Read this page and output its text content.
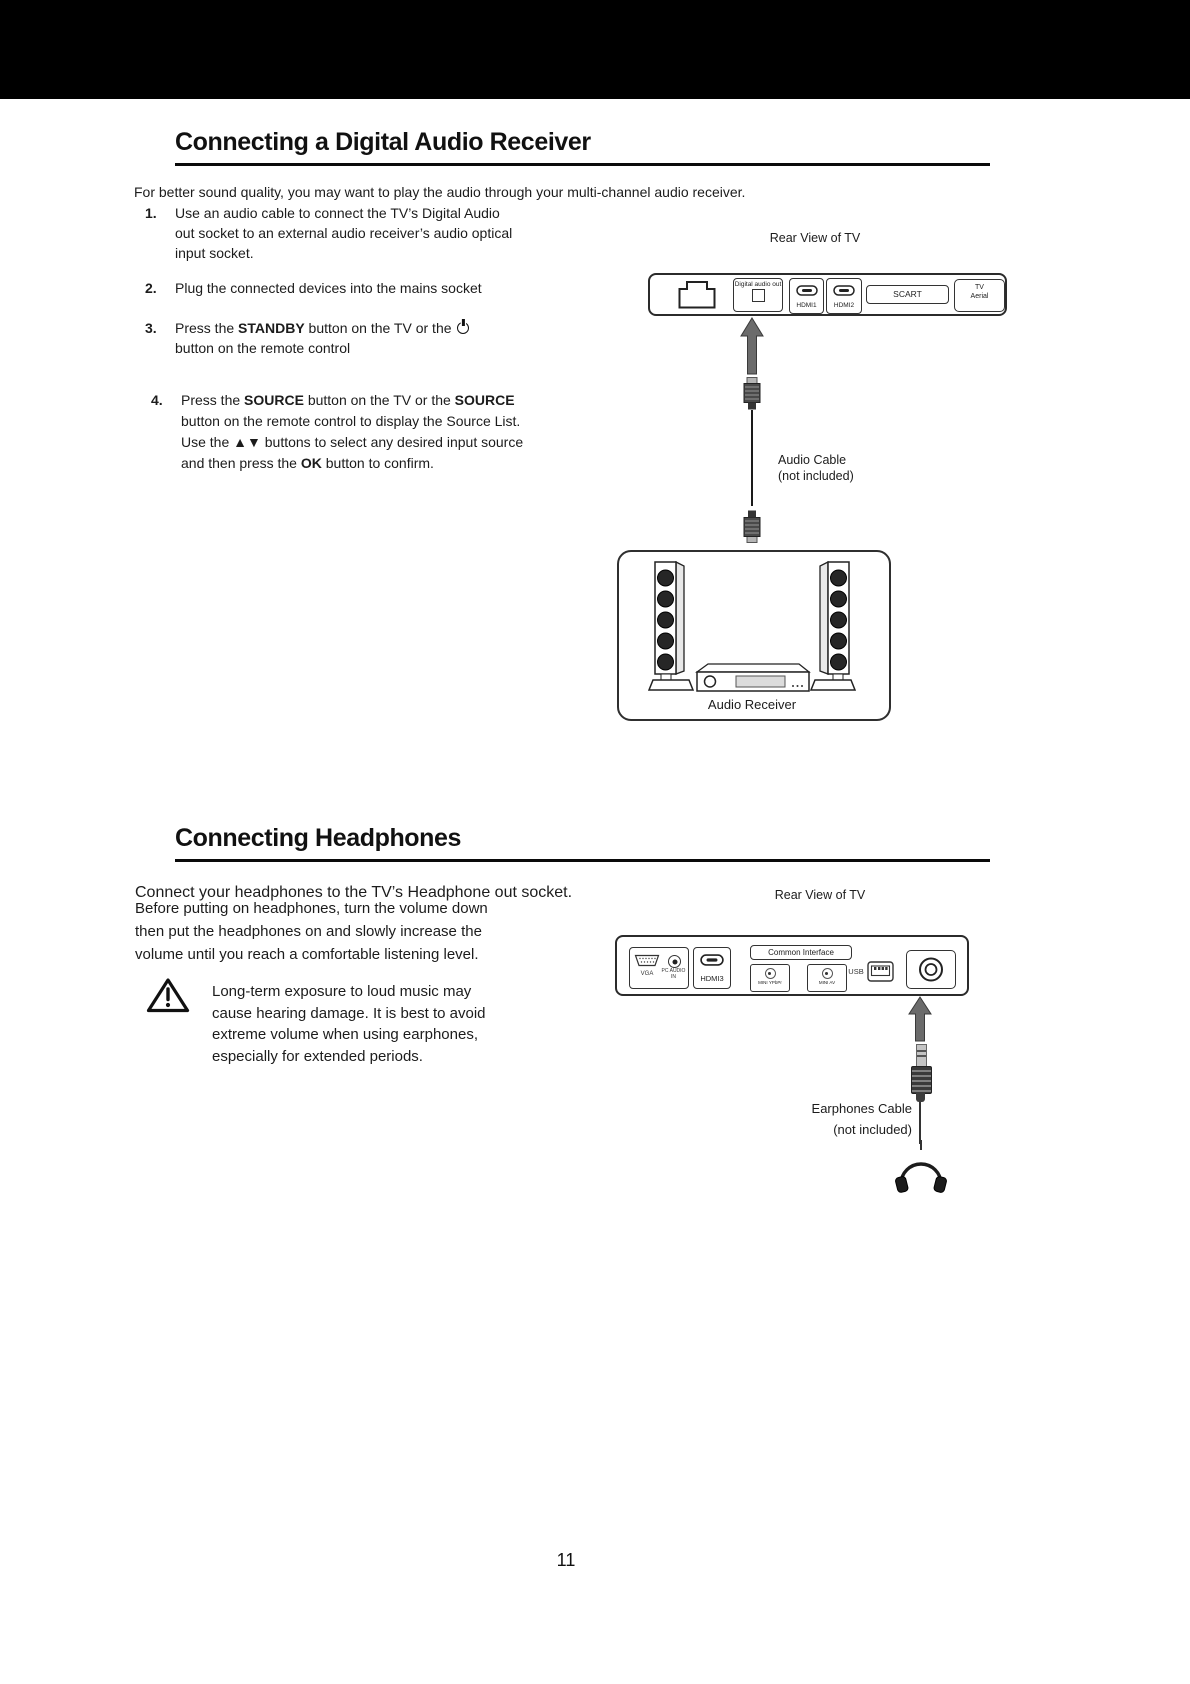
Connecting a Digital Audio Receiver

For better sound quality, you may want to play the audio through your multi-channel audio receiver.

1. Use an audio cable to connect the TV’s Digital Audio out socket to an external audio receiver’s audio optical input socket.
2. Plug the connected devices into the mains socket
3. Press the STANDBY button on the TV or the  button on the remote control
4. Press the SOURCE button on the TV or the SOURCE button on the remote control to display the Source List. Use the ▲▼ buttons to select any desired input source and then press the OK button to confirm.
Rear View of TV
Digital audio out
HDMI1	HDMI2
SCART
TV Aerial
Audio Cable
(not included)
Audio Receiver
Connecting Headphones

Connect your headphones to the TV’s Headphone out socket.

Before putting on headphones, turn the volume down
then put the headphones on and slowly increase the
volume until you reach a comfortable listening level.
Long-term exposure to loud music may
cause hearing damage. It is best to avoid
extreme volume when using earphones,
especially for extended periods.
Rear View of TV
VGA	PC AUDIO IN	HDMI3
Common Interface
MINI YPbPr	MINI AV
USB
Earphones Cable
(not included)
11
